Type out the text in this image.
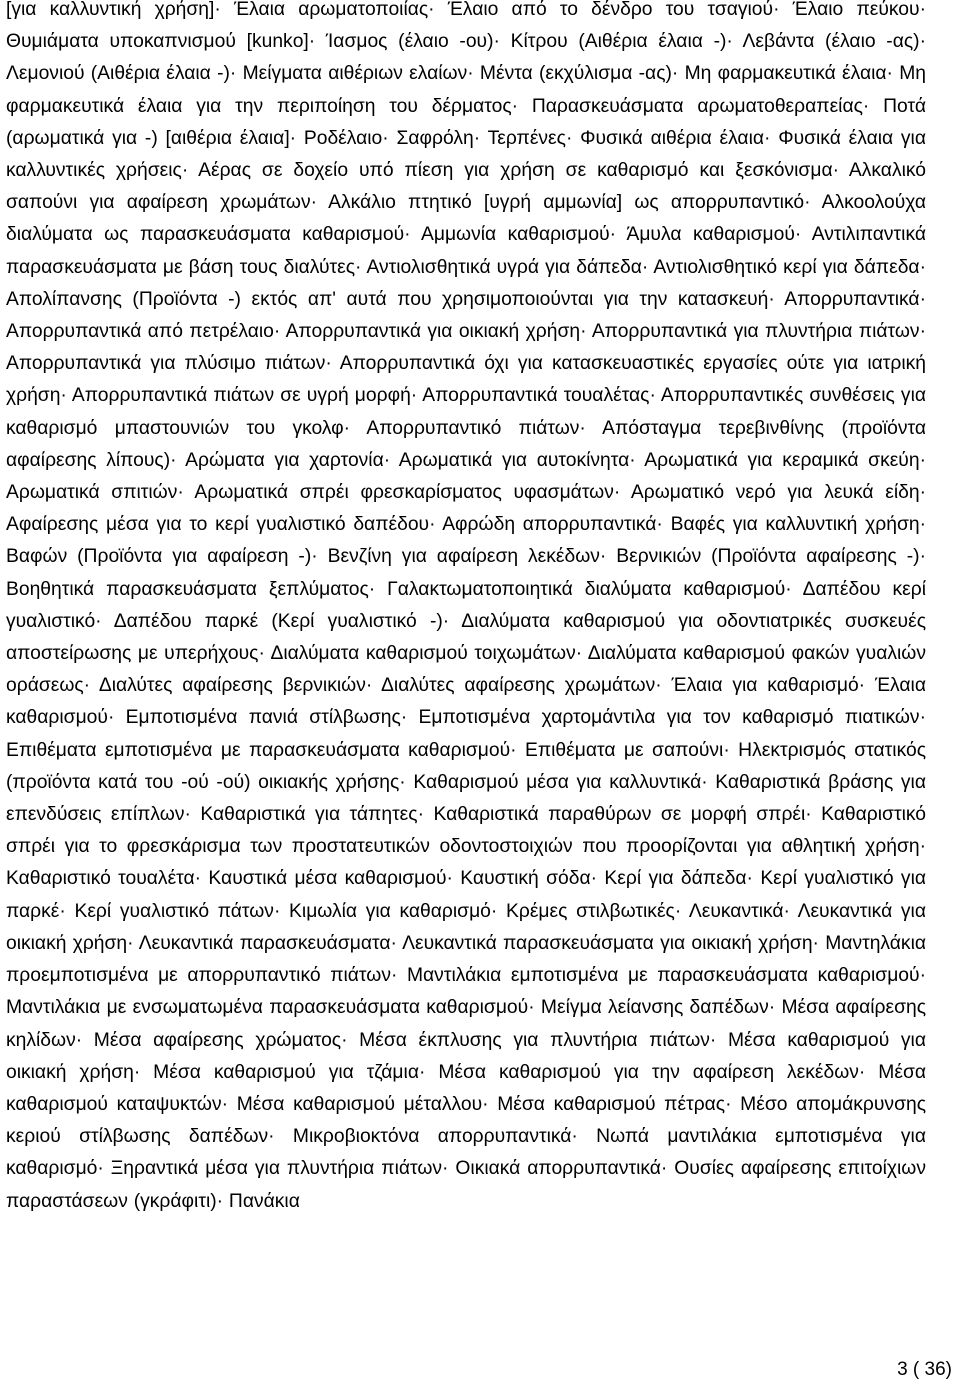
[για καλλυντική χρήση]· Έλαια αρωματοποιίας· Έλαιο από το δένδρο του τσαγιού· Έλαιο πεύκου· Θυμιάματα υποκαπνισμού [kunko]· Ίασμος (έλαιο -ου)· Κίτρου (Αιθέρια έλαια -)· Λεβάντα (έλαιο -ας)· Λεμονιού (Αιθέρια έλαια -)· Μείγματα αιθέριων ελαίων· Μέντα (εκχύλισμα -ας)· Μη φαρμακευτικά έλαια· Μη φαρμακευτικά έλαια για την περιποίηση του δέρματος· Παρασκευάσματα αρωματοθεραπείας· Ποτά (αρωματικά για -) [αιθέρια έλαια]· Ροδέλαιο· Σαφρόλη· Τερπένες· Φυσικά αιθέρια έλαια· Φυσικά έλαια για καλλυντικές χρήσεις· Αέρας σε δοχείο υπό πίεση για χρήση σε καθαρισμό και ξεσκόνισμα· Αλκαλικό σαπούνι για αφαίρεση χρωμάτων· Αλκάλιο πτητικό [υγρή αμμωνία] ως απορρυπαντικό· Αλκοολούχα διαλύματα ως παρασκευάσματα καθαρισμού· Αμμωνία καθαρισμού· Άμυλα καθαρισμού· Αντιλιπαντικά παρασκευάσματα με βάση τους διαλύτες· Αντιολισθητικά υγρά για δάπεδα· Αντιολισθητικό κερί για δάπεδα· Απολίπανσης (Προϊόντα -) εκτός απ' αυτά που χρησιμοποιούνται για την κατασκευή· Απορρυπαντικά· Απορρυπαντικά από πετρέλαιο· Απορρυπαντικά για οικιακή χρήση· Απορρυπαντικά για πλυντήρια πιάτων· Απορρυπαντικά για πλύσιμο πιάτων· Απορρυπαντικά όχι για κατασκευαστικές εργασίες ούτε για ιατρική χρήση· Απορρυπαντικά πιάτων σε υγρή μορφή· Απορρυπαντικά τουαλέτας· Απορρυπαντικές συνθέσεις για καθαρισμό μπαστουνιών του γκολφ· Απορρυπαντικό πιάτων· Απόσταγμα τερεβινθίνης (προϊόντα αφαίρεσης λίπους)· Αρώματα για χαρτονία· Αρωματικά για αυτοκίνητα· Αρωματικά για κεραμικά σκεύη· Αρωματικά σπιτιών· Αρωματικά σπρέι φρεσκαρίσματος υφασμάτων· Αρωματικό νερό για λευκά είδη· Αφαίρεσης μέσα για το κερί γυαλιστικό δαπέδου· Αφρώδη απορρυπαντικά· Βαφές για καλλυντική χρήση· Βαφών (Προϊόντα για αφαίρεση -)· Βενζίνη για αφαίρεση λεκέδων· Βερνικιών (Προϊόντα αφαίρεσης -)· Βοηθητικά παρασκευάσματα ξεπλύματος· Γαλακτωματοποιητικά διαλύματα καθαρισμού· Δαπέδου κερί γυαλιστικό· Δαπέδου παρκέ (Κερί γυαλιστικό -)· Διαλύματα καθαρισμού για οδοντιατρικές συσκευές αποστείρωσης με υπερήχους· Διαλύματα καθαρισμού τοιχωμάτων· Διαλύματα καθαρισμού φακών γυαλιών οράσεως· Διαλύτες αφαίρεσης βερνικιών· Διαλύτες αφαίρεσης χρωμάτων· Έλαια για καθαρισμό· Έλαια καθαρισμού· Εμποτισμένα πανιά στίλβωσης· Εμποτισμένα χαρτομάντιλα για τον καθαρισμό πιατικών· Επιθέματα εμποτισμένα με παρασκευάσματα καθαρισμού· Επιθέματα με σαπούνι· Ηλεκτρισμός στατικός (προϊόντα κατά του -ού -ού) οικιακής χρήσης· Καθαρισμού μέσα για καλλυντικά· Καθαριστικά βράσης για επενδύσεις επίπλων· Καθαριστικά για τάπητες· Καθαριστικά παραθύρων σε μορφή σπρέι· Καθαριστικό σπρέι για το φρεσκάρισμα των προστατευτικών οδοντοστοιχιών που προορίζονται για αθλητική χρήση· Καθαριστικό τουαλέτα· Καυστικά μέσα καθαρισμού· Καυστική σόδα· Κερί για δάπεδα· Κερί γυαλιστικό για παρκέ· Κερί γυαλιστικό πάτων· Κιμωλία για καθαρισμό· Κρέμες στιλβωτικές· Λευκαντικά· Λευκαντικά για οικιακή χρήση· Λευκαντικά παρασκευάσματα· Λευκαντικά παρασκευάσματα για οικιακή χρήση· Μαντηλάκια προεμποτισμένα με απορρυπαντικό πιάτων· Μαντιλάκια εμποτισμένα με παρασκευάσματα καθαρισμού· Μαντιλάκια με ενσωματωμένα παρασκευάσματα καθαρισμού· Μείγμα λείανσης δαπέδων· Μέσα αφαίρεσης κηλίδων· Μέσα αφαίρεσης χρώματος· Μέσα έκπλυσης για πλυντήρια πιάτων· Μέσα καθαρισμού για οικιακή χρήση· Μέσα καθαρισμού για τζάμια· Μέσα καθαρισμού για την αφαίρεση λεκέδων· Μέσα καθαρισμού καταψυκτών· Μέσα καθαρισμού μέταλλου· Μέσα καθαρισμού πέτρας· Μέσο απομάκρυνσης κεριού στίλβωσης δαπέδων· Μικροβιοκτόνα απορρυπαντικά· Νωπά μαντιλάκια εμποτισμένα για καθαρισμό· Ξηραντικά μέσα για πλυντήρια πιάτων· Οικιακά απορρυπαντικά· Ουσίες αφαίρεσης επιτοίχιων παραστάσεων (γκράφιτι)· Πανάκια

3 ( 36)
